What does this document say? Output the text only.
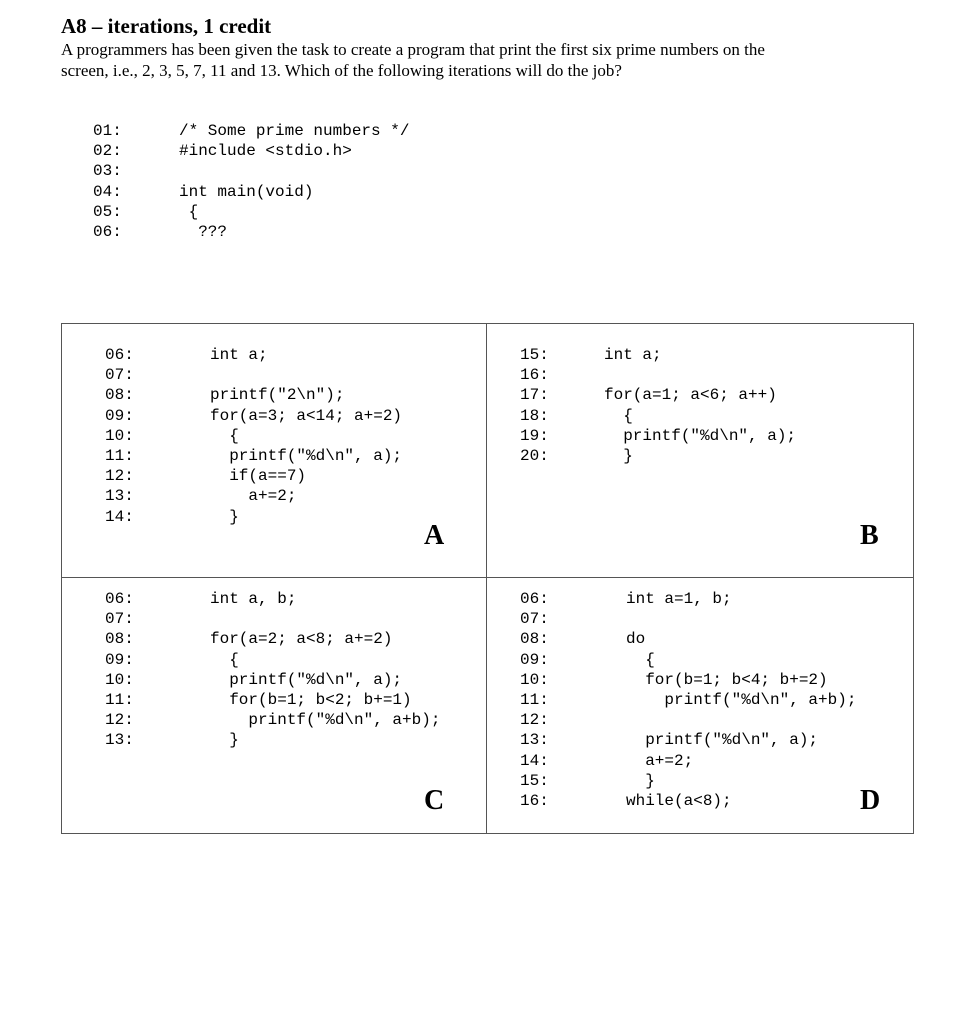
A8 – iterations, 1 credit
A programmers has been given the task to create a program that print the first six prime numbers on the
screen, i.e., 2, 3, 5, 7, 11 and 13. Which of the following iterations will do the job?
01:	/* Some prime numbers */
02:	#include <stdio.h>
03:
04:	int main(void)
05:	{
06:	???
06:	int a;
07:
08:	printf("2\n");
09:	for(a=3; a<14; a+=2)
10:	{
11:	printf("%d\n", a);
12:	if(a==7)
13:	a+=2;
14:	}
A
15:	int a;
16:
17:	for(a=1; a<6; a++)
18:	{
19:	printf("%d\n", a);
20:	}
B
06:	int a, b;
07:
08:	for(a=2; a<8; a+=2)
09:	{
10:	printf("%d\n", a);
11:	for(b=1; b<2; b+=1)
12:	printf("%d\n", a+b);
13:	}
C
06:	int a=1, b;
07:
08:	do
09:	{
10:	for(b=1; b<4; b+=2)
11:	printf("%d\n", a+b);
12:
13:	printf("%d\n", a);
14:	a+=2;
15:	}
16:	while(a<8);	D
